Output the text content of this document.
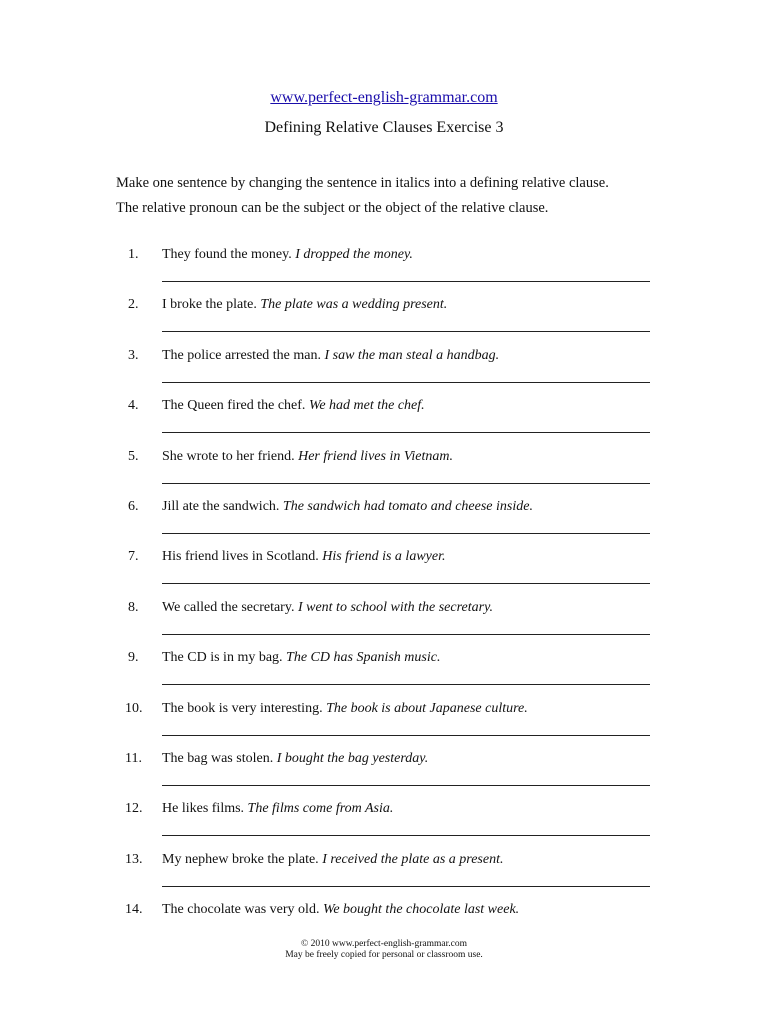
www.perfect-english-grammar.com
Defining Relative Clauses Exercise 3

Make one sentence by changing the sentence in italics into a defining relative clause.

The relative pronoun can be the subject or the object of the relative clause.

1.	They found the money. I dropped the money.
2.	I broke the plate. The plate was a wedding present.
3.	The police arrested the man. I saw the man steal a handbag.
4.	The Queen fired the chef. We had met the chef.
5.	She wrote to her friend. Her friend lives in Vietnam.
6.	Jill ate the sandwich. The sandwich had tomato and cheese inside.
7.	His friend lives in Scotland. His friend is a lawyer.
8.	We called the secretary. I went to school with the secretary.
9.	The CD is in my bag. The CD has Spanish music.
10.	The book is very interesting. The book is about Japanese culture.
11.	The bag was stolen. I bought the bag yesterday.
12.	He likes films. The films come from Asia.
13.	My nephew broke the plate. I received the plate as a present.
14.	The chocolate was very old. We bought the chocolate last week.
© 2010 www.perfect-english-grammar.com
May be freely copied for personal or classroom use.
